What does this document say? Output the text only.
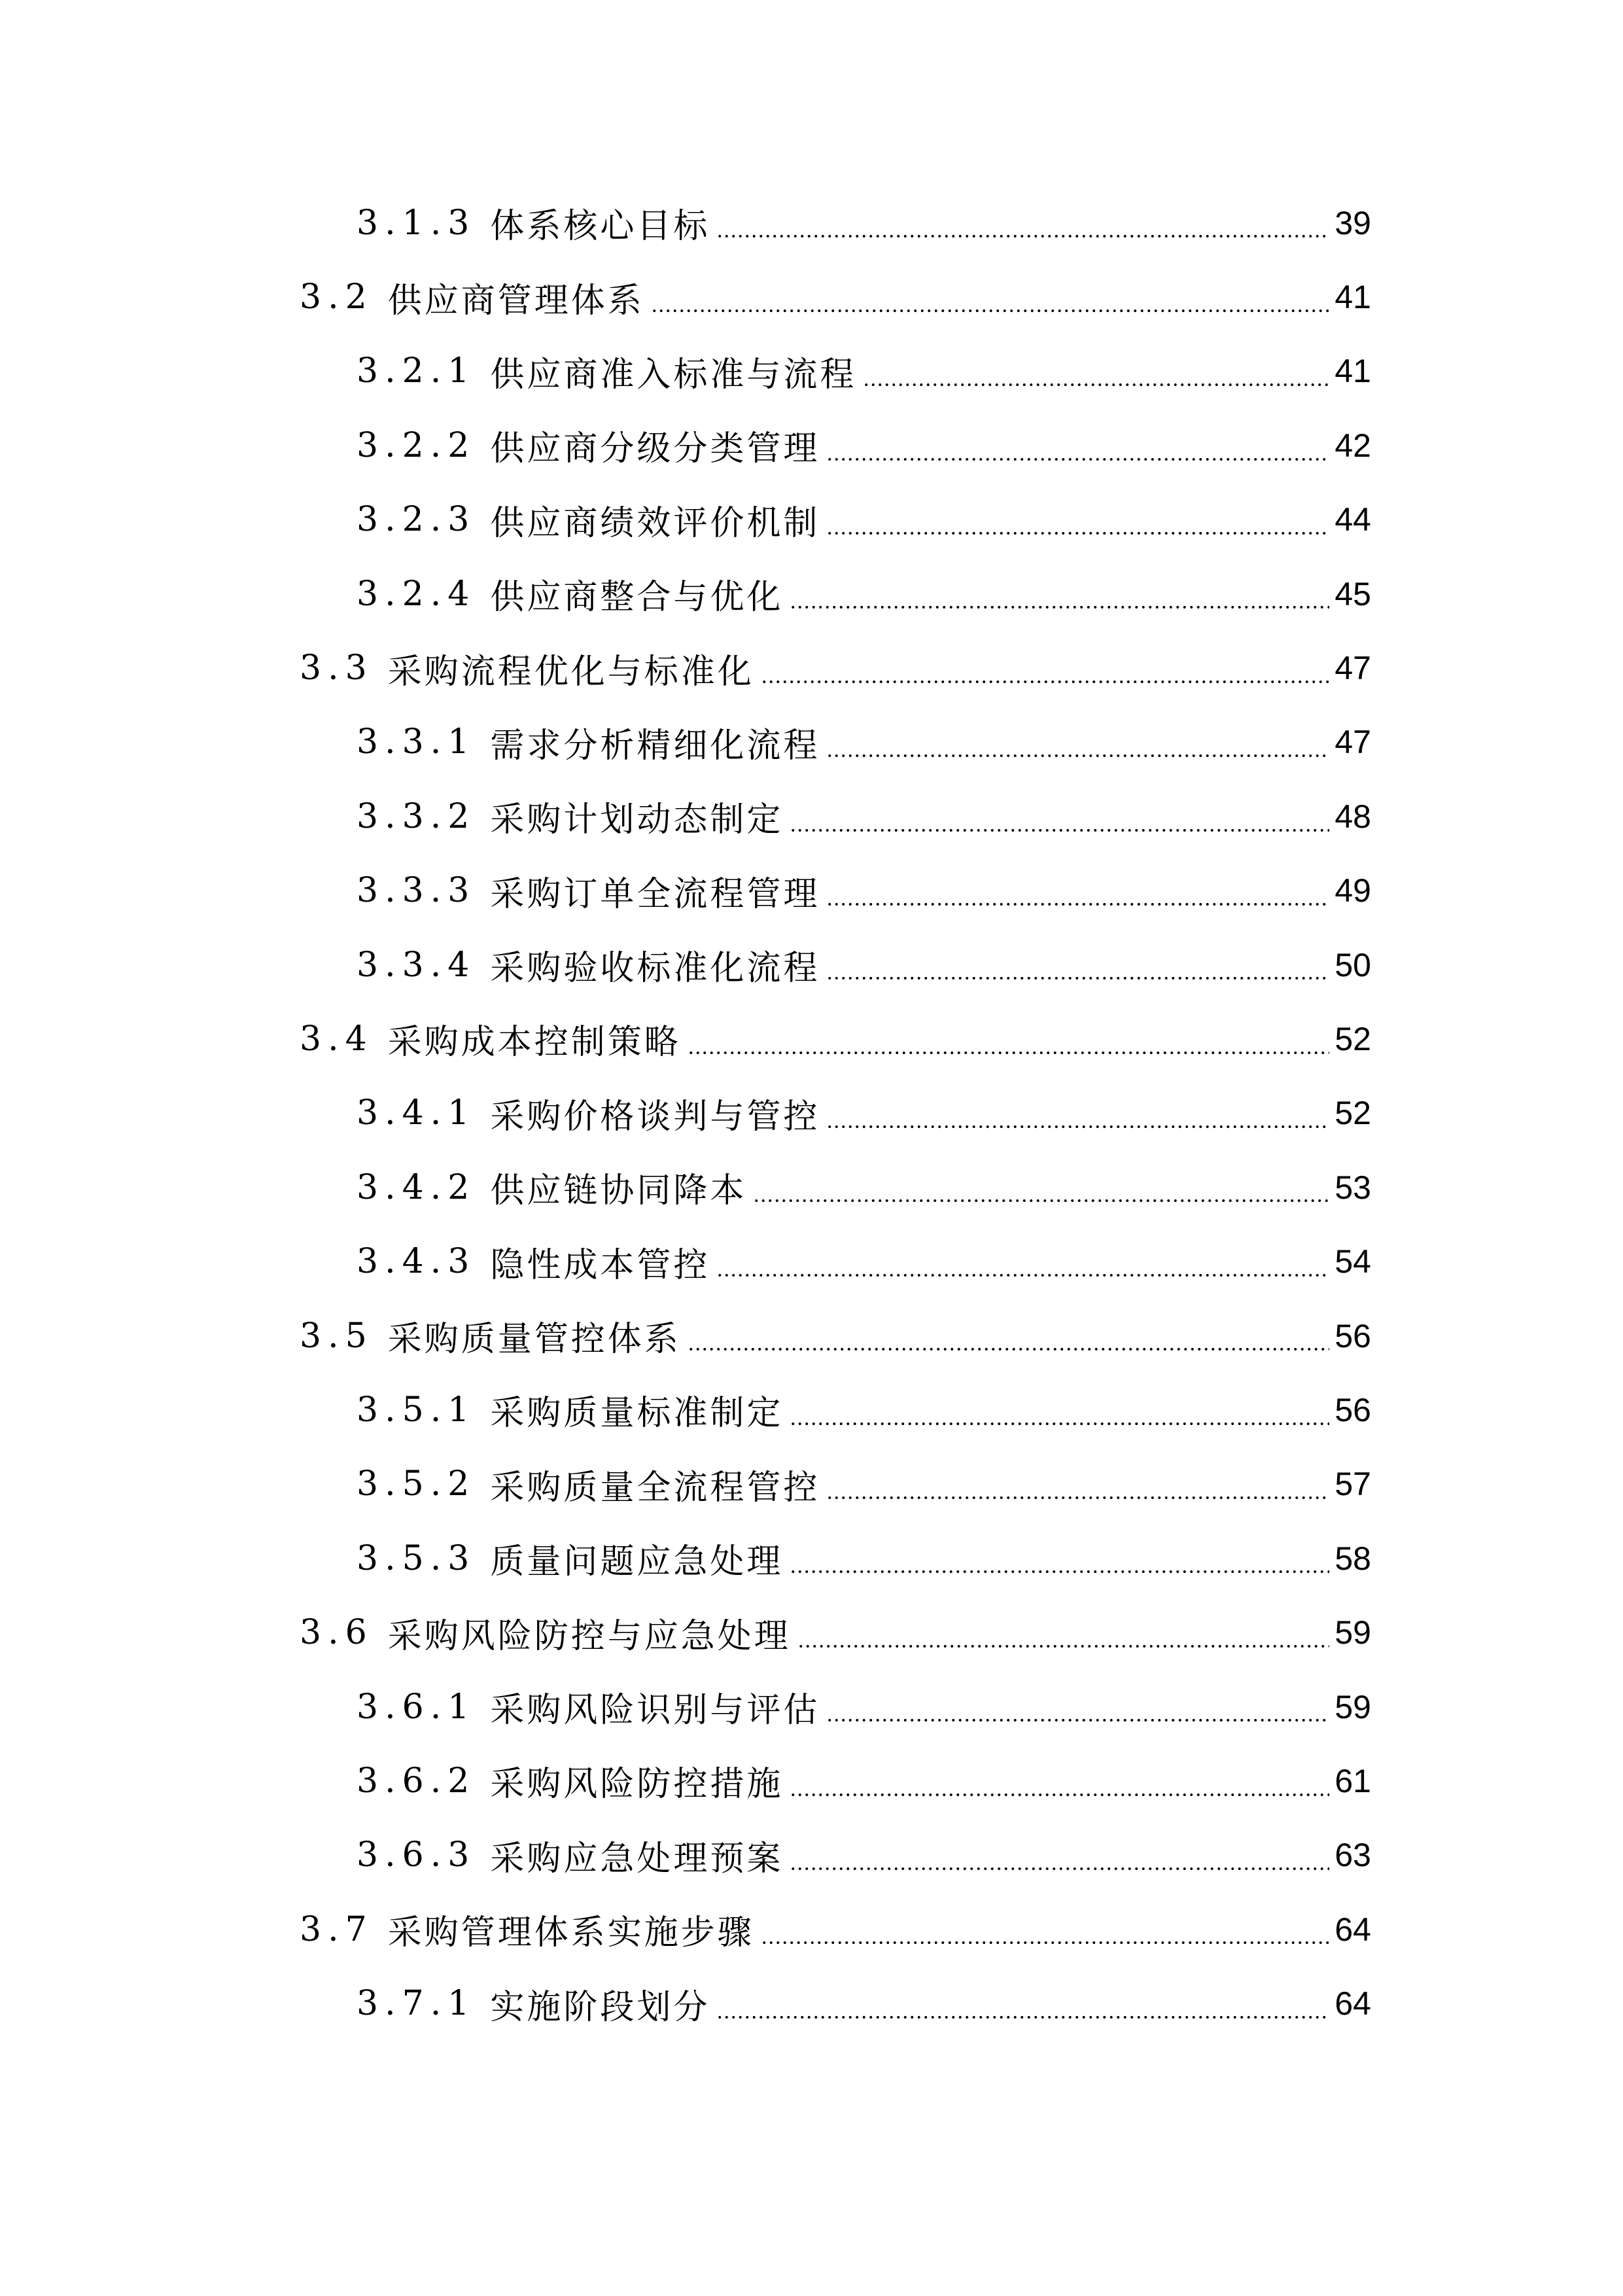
3.1.3 体系核心目标	39
3.2 供应商管理体系	41
3.2.1 供应商准入标准与流程	41
3.2.2 供应商分级分类管理	42
3.2.3 供应商绩效评价机制	44
3.2.4 供应商整合与优化	45
3.3 采购流程优化与标准化	47
3.3.1 需求分析精细化流程	47
3.3.2 采购计划动态制定	48
3.3.3 采购订单全流程管理	49
3.3.4 采购验收标准化流程	50
3.4 采购成本控制策略	52
3.4.1 采购价格谈判与管控	52
3.4.2 供应链协同降本	53
3.4.3 隐性成本管控	54
3.5 采购质量管控体系	56
3.5.1 采购质量标准制定	56
3.5.2 采购质量全流程管控	57
3.5.3 质量问题应急处理	58
3.6 采购风险防控与应急处理	59
3.6.1 采购风险识别与评估	59
3.6.2 采购风险防控措施	61
3.6.3 采购应急处理预案	63
3.7 采购管理体系实施步骤	64
3.7.1 实施阶段划分	64
